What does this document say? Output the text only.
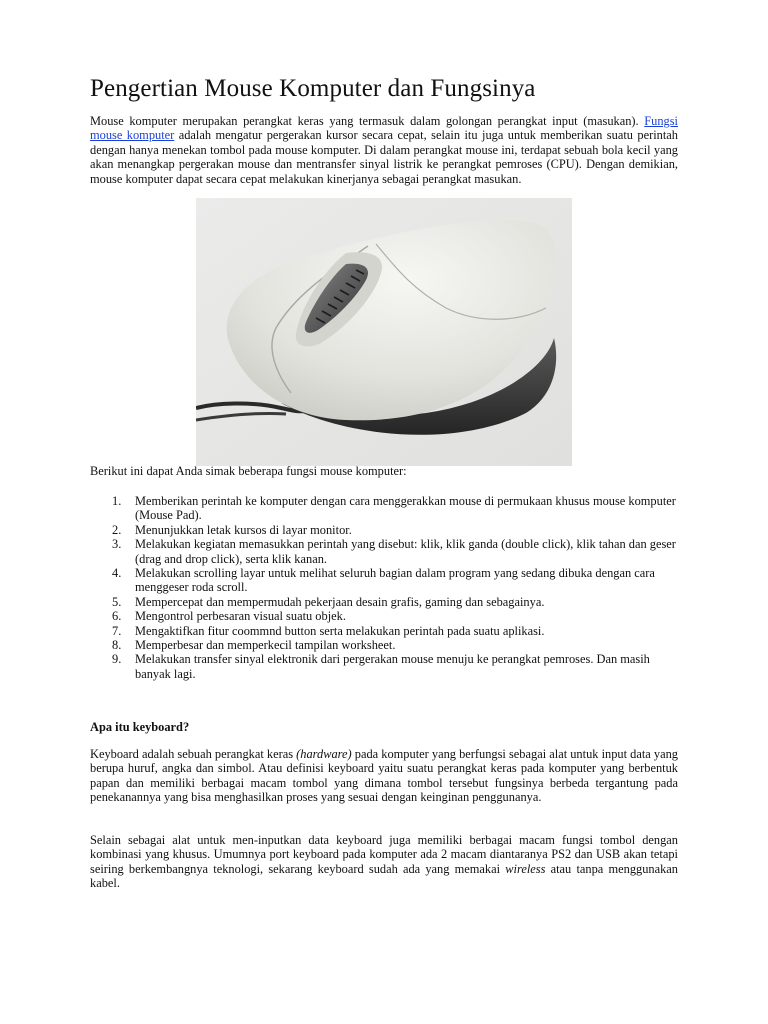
Pengertian Mouse Komputer dan Fungsinya

Mouse komputer merupakan perangkat keras yang termasuk dalam golongan perangkat input (masukan). Fungsi mouse komputer adalah mengatur pergerakan kursor secara cepat, selain itu juga untuk memberikan suatu perintah dengan hanya menekan tombol pada mouse komputer. Di dalam perangkat mouse ini, terdapat sebuah bola kecil yang akan menangkap pergerakan mouse dan mentransfer sinyal listrik ke perangkat pemroses (CPU). Dengan demikian, mouse komputer dapat secara cepat melakukan kinerjanya sebagai perangkat masukan.

Berikut ini dapat Anda simak beberapa fungsi mouse komputer:

1.	Memberikan perintah ke komputer dengan cara menggerakkan mouse di permukaan khusus mouse komputer (Mouse Pad).
2.	Menunjukkan letak kursos di layar monitor.
3.	Melakukan kegiatan memasukkan perintah yang disebut: klik, klik ganda (double click), klik tahan dan geser (drag and drop click), serta klik kanan.
4.	Melakukan scrolling layar untuk melihat seluruh bagian dalam program yang sedang dibuka dengan cara menggeser roda scroll.
5.	Mempercepat dan mempermudah pekerjaan desain grafis, gaming dan sebagainya.
6.	Mengontrol perbesaran visual suatu objek.
7.	Mengaktifkan fitur coommnd button serta melakukan perintah pada suatu aplikasi.
8.	Memperbesar dan memperkecil tampilan worksheet.
9.	Melakukan transfer sinyal elektronik dari pergerakan mouse menuju ke perangkat pemroses. Dan masih banyak lagi.

Apa itu keyboard?

Keyboard adalah sebuah perangkat keras (hardware) pada komputer yang berfungsi sebagai alat untuk input data yang berupa huruf, angka dan simbol. Atau definisi keyboard yaitu suatu perangkat keras pada komputer yang berbentuk papan dan memiliki berbagai macam tombol yang dimana tombol tersebut fungsinya berbeda tergantung pada penekanannya yang bisa menghasilkan proses yang sesuai dengan keinginan penggunanya.

Selain sebagai alat untuk men-inputkan data keyboard juga memiliki berbagai macam fungsi tombol dengan kombinasi yang khusus. Umumnya port keyboard pada komputer ada 2 macam diantaranya PS2 dan USB akan tetapi seiring berkembangnya teknologi, sekarang keyboard sudah ada yang memakai wireless atau tanpa menggunakan kabel.
